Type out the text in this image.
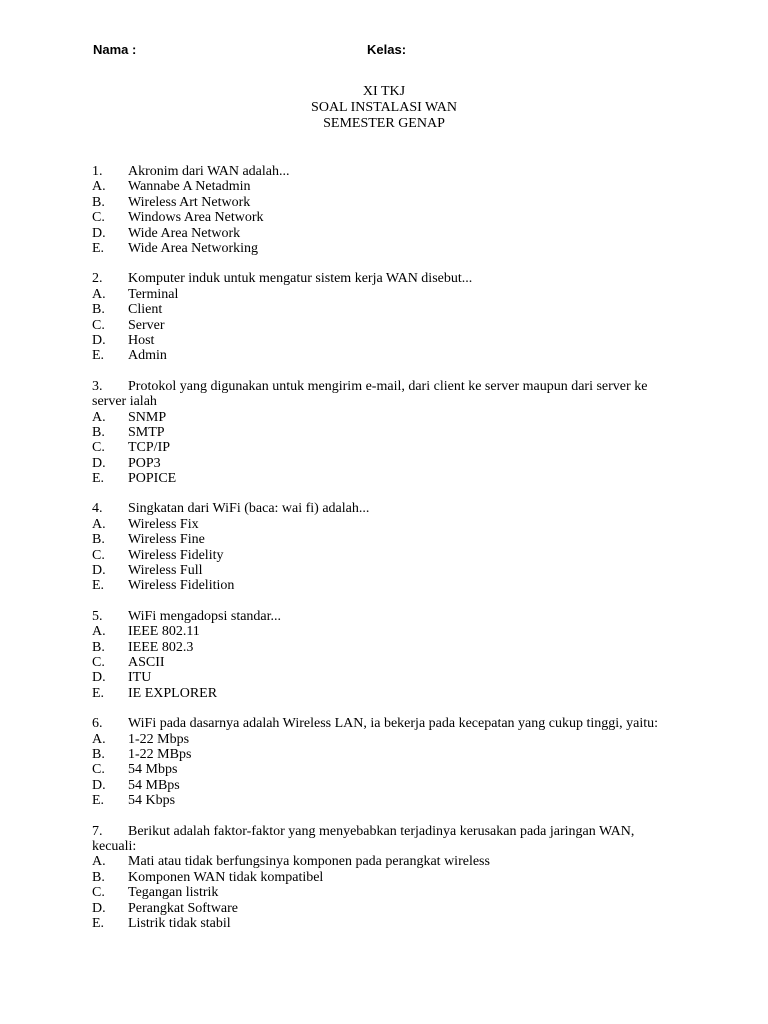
Nama :	Kelas:
XI TKJ
SOAL INSTALASI WAN
SEMESTER GENAP
1. Akronim dari WAN adalah...
A. Wannabe A Netadmin
B. Wireless Art Network
C. Windows Area Network
D. Wide Area Network
E. Wide Area Networking
2. Komputer induk untuk mengatur sistem kerja WAN disebut...
A. Terminal
B. Client
C. Server
D. Host
E. Admin
3. Protokol yang digunakan untuk mengirim e-mail, dari client ke server maupun dari server ke server ialah
A. SNMP
B. SMTP
C. TCP/IP
D. POP3
E. POPICE
4. Singkatan dari WiFi (baca: wai fi) adalah...
A. Wireless Fix
B. Wireless Fine
C. Wireless Fidelity
D. Wireless Full
E. Wireless Fidelition
5. WiFi mengadopsi standar...
A. IEEE 802.11
B. IEEE 802.3
C. ASCII
D. ITU
E. IE EXPLORER
6. WiFi pada dasarnya adalah Wireless LAN, ia bekerja pada kecepatan yang cukup tinggi, yaitu:
A. 1-22 Mbps
B. 1-22 MBps
C. 54 Mbps
D. 54 MBps
E. 54 Kbps
7. Berikut adalah faktor-faktor yang menyebabkan terjadinya kerusakan pada jaringan WAN, kecuali:
A. Mati atau tidak berfungsinya komponen pada perangkat wireless
B. Komponen WAN tidak kompatibel
C. Tegangan listrik
D. Perangkat Software
E. Listrik tidak stabil
